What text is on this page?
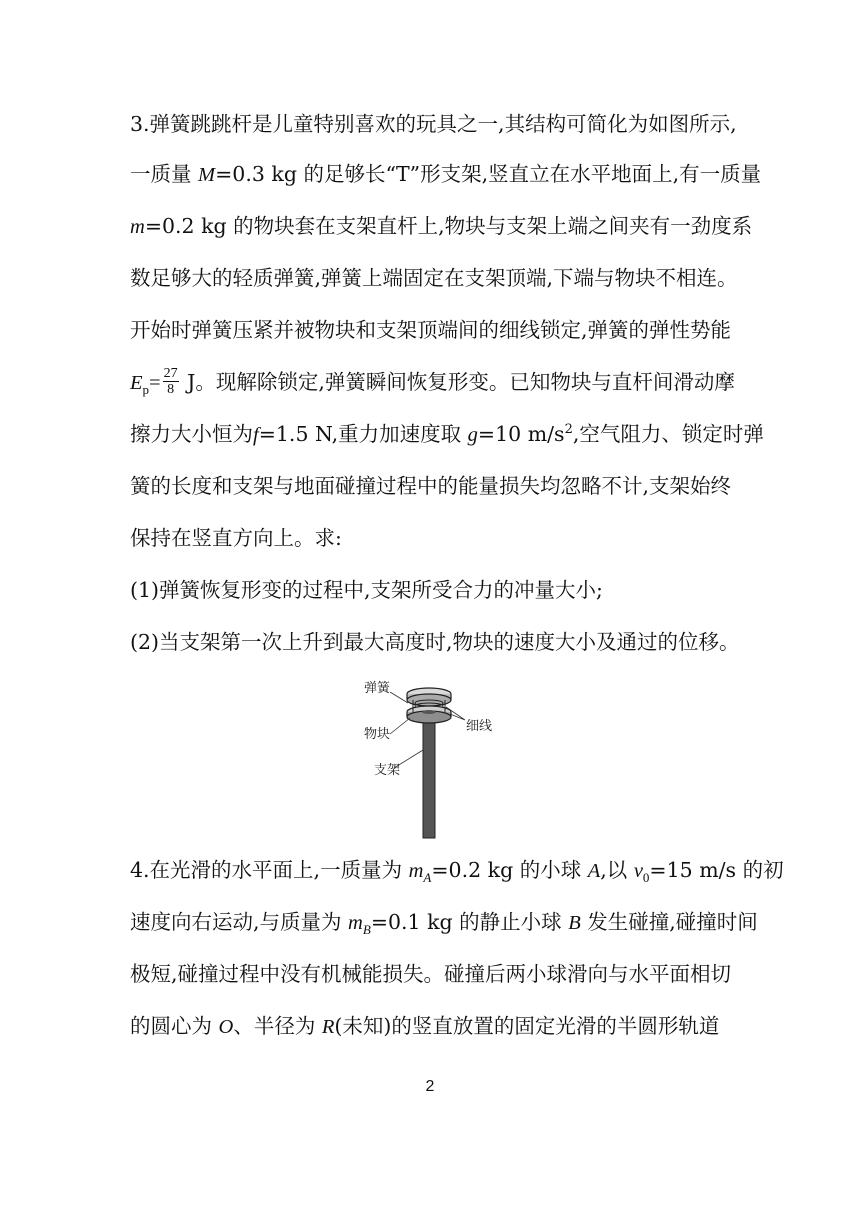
3.弹簧跳跳杆是儿童特别喜欢的玩具之一,其结构可简化为如图所示,
一质量 M=0.3 kg 的足够长“T”形支架,竖直立在水平地面上,有一质量
m=0.2 kg 的物块套在支架直杆上,物块与支架上端之间夹有一劲度系
数足够大的轻质弹簧,弹簧上端固定在支架顶端,下端与物块不相连。
开始时弹簧压紧并被物块和支架顶端间的细线锁定,弹簧的弹性势能
$E_p= \frac{27}{8}$ J。现解除锁定,弹簧瞬间恢复形变。已知物块与直杆间滑动摩
擦力大小恒为f=1.5 N,重力加速度取 g=10 $m/s^2$,空气阻力、锁定时弹
簧的长度和支架与地面碰撞过程中的能量损失均忽略不计,支架始终
保持在竖直方向上。求:
(1)弹簧恢复形变的过程中,支架所受合力的冲量大小;
(2)当支架第一次上升到最大高度时,物块的速度大小及通过的位移。
弹簧
物块
细线
支架
4.在光滑的水平面上,一质量为 $m_A=0.2$ kg 的小球 A,以 $v_0=15$ m/s 的初
速度向右运动,与质量为 $m_B=0.1$ kg 的静止小球 B 发生碰撞,碰撞时间
极短,碰撞过程中没有机械能损失。碰撞后两小球滑向与水平面相切
的圆心为 O、半径为 R(未知)的竖直放置的固定光滑的半圆形轨道
2
